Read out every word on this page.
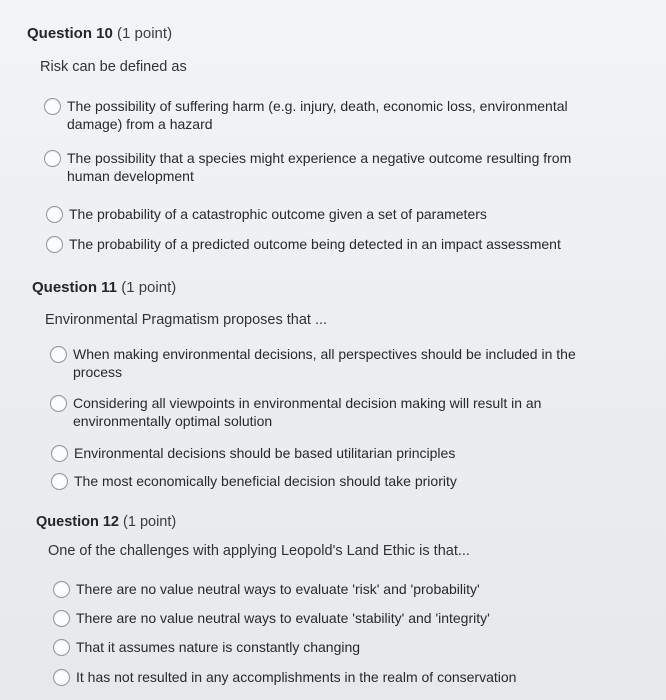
Question 10 (1 point)
Risk can be defined as
The possibility of suffering harm (e.g. injury, death, economic loss, environmental damage) from a hazard
The possibility that a species might experience a negative outcome resulting from human development
The probability of a catastrophic outcome given a set of parameters
The probability of a predicted outcome being detected in an impact assessment
Question 11 (1 point)
Environmental Pragmatism proposes that ...
When making environmental decisions, all perspectives should be included in the process
Considering all viewpoints in environmental decision making will result in an environmentally optimal solution
Environmental decisions should be based utilitarian principles
The most economically beneficial decision should take priority
Question 12 (1 point)
One of the challenges with applying Leopold's Land Ethic is that...
There are no value neutral ways to evaluate 'risk' and 'probability'
There are no value neutral ways to evaluate 'stability' and 'integrity'
That it assumes nature is constantly changing
It has not resulted in any accomplishments in the realm of conservation
